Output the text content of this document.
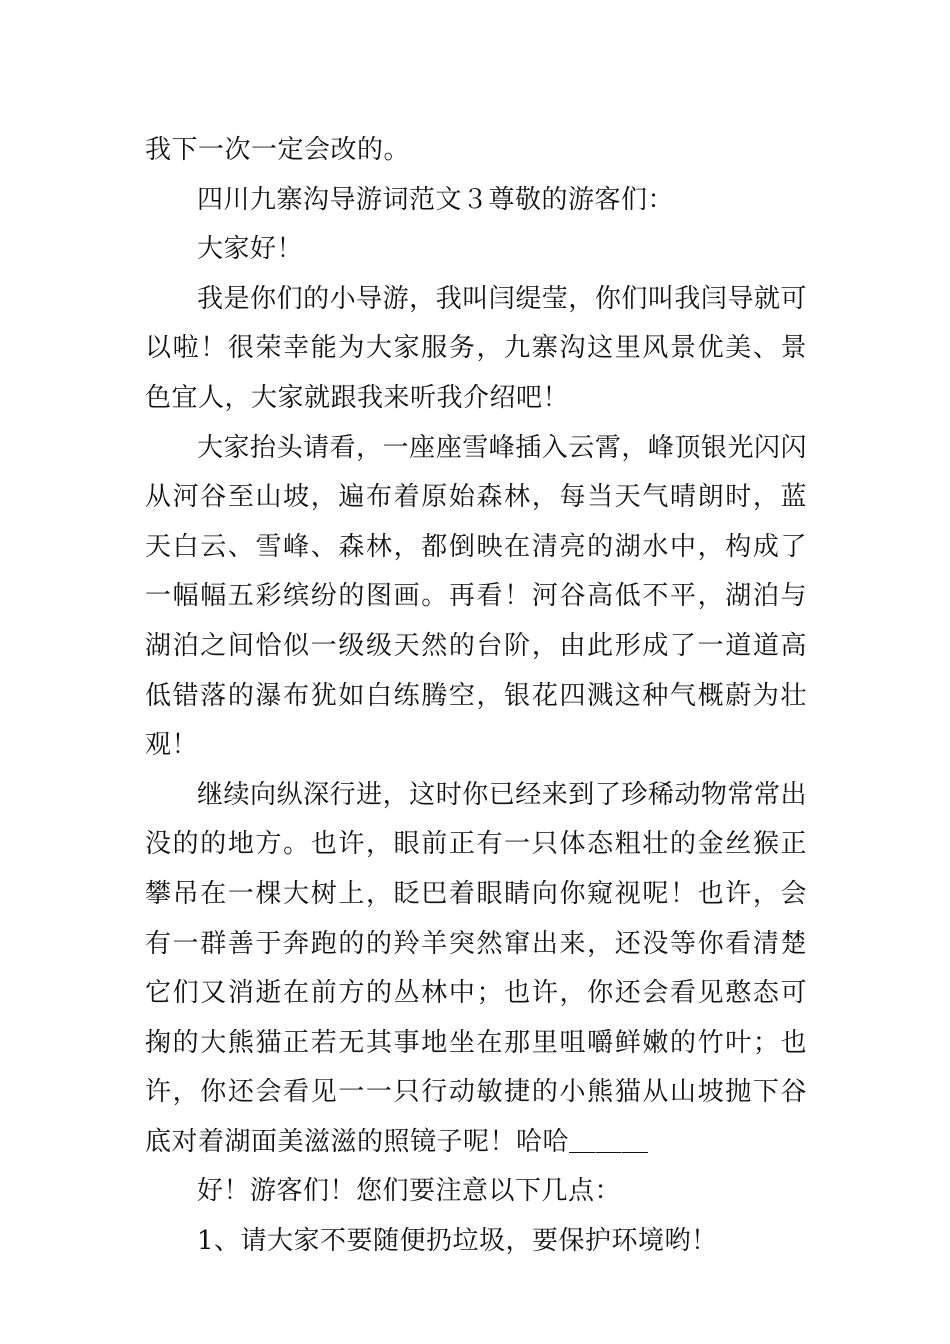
我下一次一定会改的。

四川九寨沟导游词范文３尊敬的游客们：

大家好！

我是你们的小导游，我叫闫缇莹，你们叫我闫导就可以啦！很荣幸能为大家服务，九寨沟这里风景优美、景色宜人，大家就跟我来听我介绍吧！

大家抬头请看，一座座雪峰插入云霄，峰顶银光闪闪从河谷至山坡，遍布着原始森林，每当天气晴朗时，蓝天白云、雪峰、森林，都倒映在清亮的湖水中，构成了一幅幅五彩缤纷的图画。再看！河谷高低不平，湖泊与湖泊之间恰似一级级天然的台阶，由此形成了一道道高低错落的瀑布犹如白练腾空，银花四溅这种气概蔚为壮观！

继续向纵深行进，这时你已经来到了珍稀动物常常出没的的地方。也许，眼前正有一只体态粗壮的金丝猴正攀吊在一棵大树上，眨巴着眼睛向你窥视呢！也许，会有一群善于奔跑的的羚羊突然窜出来，还没等你看清楚它们又消逝在前方的丛林中；也许，你还会看见憨态可掬的大熊猫正若无其事地坐在那里咀嚼鲜嫩的竹叶；也许，你还会看见一一只行动敏捷的小熊猫从山坡抛下谷底对着湖面美滋滋的照镜子呢！哈哈＿＿＿

好！游客们！您们要注意以下几点：

1、请大家不要随便扔垃圾，要保护环境哟！
